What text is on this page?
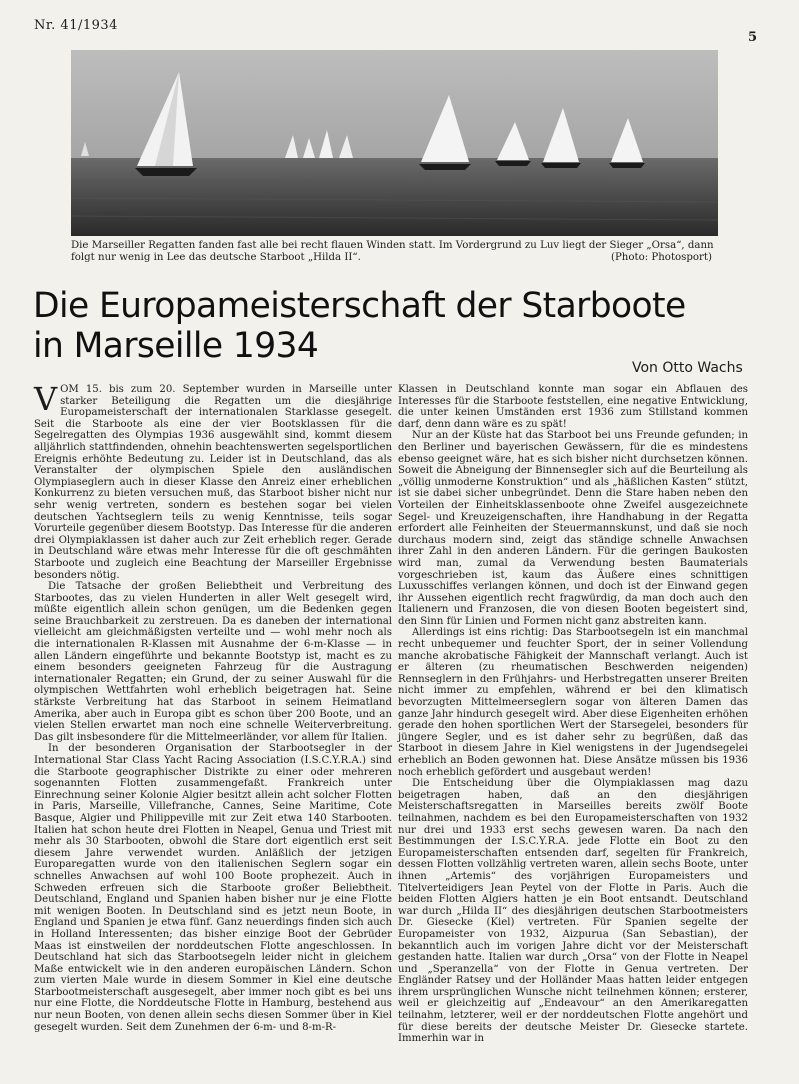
Nr. 41/1934
5
Die Marseiller Regatten fanden fast alle bei recht flauen Winden statt. Im Vordergrund zu Luv liegt der Sieger „Orsa“, dann folgt nur wenig in Lee das deutsche Starboot „Hilda II“.	(Photo: Photosport)
Die Europameisterschaft der Starboote
in Marseille 1934
Von Otto Wachs

VOM 15. bis zum 20. September wurden in Marseille unter starker Beteiligung die Regatten um die diesjährige Europameisterschaft der internationalen Starklasse gesegelt. Seit die Starboote als eine der vier Bootsklassen für die Segelregatten des Olympias 1936 ausgewählt sind, kommt diesem alljährlich stattfindenden, ohnehin beachtenswerten segelsportlichen Ereignis erhöhte Bedeutung zu. Leider ist in Deutschland, das als Veranstalter der olympischen Spiele den ausländischen Olympiaseglern auch in dieser Klasse den Anreiz einer erheblichen Konkurrenz zu bieten versuchen muß, das Starboot bisher nicht nur sehr wenig vertreten, sondern es bestehen sogar bei vielen deutschen Yachtseglern teils zu wenig Kenntnisse, teils sogar Vorurteile gegenüber diesem Bootstyp. Das Interesse für die anderen drei Olympiaklassen ist daher auch zur Zeit erheblich reger. Gerade in Deutschland wäre etwas mehr Interesse für die oft geschmähten Starboote und zugleich eine Beachtung der Marseiller Ergebnisse besonders nötig.

Die Tatsache der großen Beliebtheit und Verbreitung des Starbootes, das zu vielen Hunderten in aller Welt gesegelt wird, müßte eigentlich allein schon genügen, um die Bedenken gegen seine Brauchbarkeit zu zerstreuen. Da es daneben der international vielleicht am gleichmäßigsten verteilte und — wohl mehr noch als die internationalen R-Klassen mit Ausnahme der 6-m-Klasse — in allen Ländern eingeführte und bekannte Bootstyp ist, macht es zu einem besonders geeigneten Fahrzeug für die Austragung internationaler Regatten; ein Grund, der zu seiner Auswahl für die olympischen Wettfahrten wohl erheblich beigetragen hat. Seine stärkste Verbreitung hat das Starboot in seinem Heimatland Amerika, aber auch in Europa gibt es schon über 200 Boote, und an vielen Stellen erwartet man noch eine schnelle Weiterverbreitung. Das gilt insbesondere für die Mittelmeerländer, vor allem für Italien.

In der besonderen Organisation der Starbootsegler in der International Star Class Yacht Racing Association (I.S.C.Y.R.A.) sind die Starboote geographischer Distrikte zu einer oder mehreren sogenannten Flotten zusammengefaßt. Frankreich unter Einrechnung seiner Kolonie Algier besitzt allein acht solcher Flotten in Paris, Marseille, Villefranche, Cannes, Seine Maritime, Cote Basque, Algier und Philippeville mit zur Zeit etwa 140 Starbooten. Italien hat schon heute drei Flotten in Neapel, Genua und Triest mit mehr als 30 Starbooten, obwohl die Stare dort eigentlich erst seit diesem Jahre verwendet wurden. Anläßlich der jetzigen Europaregatten wurde von den italienischen Seglern sogar ein schnelles Anwachsen auf wohl 100 Boote prophezeit. Auch in Schweden erfreuen sich die Starboote großer Beliebtheit. Deutschland, England und Spanien haben bisher nur je eine Flotte mit wenigen Booten. In Deutschland sind es jetzt neun Boote, in England und Spanien je etwa fünf. Ganz neuerdings finden sich auch in Holland Interessenten; das bisher einzige Boot der Gebrüder Maas ist einstweilen der norddeutschen Flotte angeschlossen. In Deutschland hat sich das Starbootsegeln leider nicht in gleichem Maße entwickelt wie in den anderen europäischen Ländern. Schon zum vierten Male wurde in diesem Sommer in Kiel eine deutsche Starbootmeisterschaft ausgesegelt, aber immer noch gibt es bei uns nur eine Flotte, die Norddeutsche Flotte in Hamburg, bestehend aus nur neun Booten, von denen allein sechs diesen Sommer über in Kiel gesegelt wurden. Seit dem Zunehmen der 6-m- und 8-m-R-

Klassen in Deutschland konnte man sogar ein Abflauen des Interesses für die Starboote feststellen, eine negative Entwicklung, die unter keinen Umständen erst 1936 zum Stillstand kommen darf, denn dann wäre es zu spät!

Nur an der Küste hat das Starboot bei uns Freunde gefunden; in den Berliner und bayerischen Gewässern, für die es mindestens ebenso geeignet wäre, hat es sich bisher nicht durchsetzen können. Soweit die Abneigung der Binnensegler sich auf die Beurteilung als „völlig unmoderne Konstruktion“ und als „häßlichen Kasten“ stützt, ist sie dabei sicher unbegründet. Denn die Stare haben neben den Vorteilen der Einheitsklassenboote ohne Zweifel ausgezeichnete Segel- und Kreuzeigenschaften, ihre Handhabung in der Regatta erfordert alle Feinheiten der Steuermannskunst, und daß sie noch durchaus modern sind, zeigt das ständige schnelle Anwachsen ihrer Zahl in den anderen Ländern. Für die geringen Baukosten wird man, zumal da Verwendung besten Baumaterials vorgeschrieben ist, kaum das Äußere eines schnittigen Luxusschiffes verlangen können, und doch ist der Einwand gegen ihr Aussehen eigentlich recht fragwürdig, da man doch auch den Italienern und Franzosen, die von diesen Booten begeistert sind, den Sinn für Linien und Formen nicht ganz abstreiten kann.

Allerdings ist eins richtig: Das Starbootsegeln ist ein manchmal recht unbequemer und feuchter Sport, der in seiner Vollendung manche akrobatische Fähigkeit der Mannschaft verlangt. Auch ist er älteren (zu rheumatischen Beschwerden neigenden) Rennseglern in den Frühjahrs- und Herbstregatten unserer Breiten nicht immer zu empfehlen, während er bei den klimatisch bevorzugten Mittelmeerseglern sogar von älteren Damen das ganze Jahr hindurch gesegelt wird. Aber diese Eigenheiten erhöhen gerade den hohen sportlichen Wert der Starsegelei, besonders für jüngere Segler, und es ist daher sehr zu begrüßen, daß das Starboot in diesem Jahre in Kiel wenigstens in der Jugendsegelei erheblich an Boden gewonnen hat. Diese Ansätze müssen bis 1936 noch erheblich gefördert und ausgebaut werden!

Die Entscheidung über die Olympiaklassen mag dazu beigetragen haben, daß an den diesjährigen Meisterschaftsregatten in Marseilles bereits zwölf Boote teilnahmen, nachdem es bei den Europameisterschaften von 1932 nur drei und 1933 erst sechs gewesen waren. Da nach den Bestimmungen der I.S.C.Y.R.A. jede Flotte ein Boot zu den Europameisterschaften entsenden darf, segelten für Frankreich, dessen Flotten vollzählig vertreten waren, allein sechs Boote, unter ihnen „Artemis“ des vorjährigen Europameisters und Titelverteidigers Jean Peytel von der Flotte in Paris. Auch die beiden Flotten Algiers hatten je ein Boot entsandt. Deutschland war durch „Hilda II“ des diesjährigen deutschen Starbootmeisters Dr. Giesecke (Kiel) vertreten. Für Spanien segelte der Europameister von 1932, Aizpurua (San Sebastian), der bekanntlich auch im vorigen Jahre dicht vor der Meisterschaft gestanden hatte. Italien war durch „Orsa“ von der Flotte in Neapel und „Speranzella“ von der Flotte in Genua vertreten. Der Engländer Ratsey und der Holländer Maas hatten leider entgegen ihrem ursprünglichen Wunsche nicht teilnehmen können; ersterer, weil er gleichzeitig auf „Endeavour“ an den Amerikaregatten teilnahm, letzterer, weil er der norddeutschen Flotte angehört und für diese bereits der deutsche Meister Dr. Giesecke startete. Immerhin war in
